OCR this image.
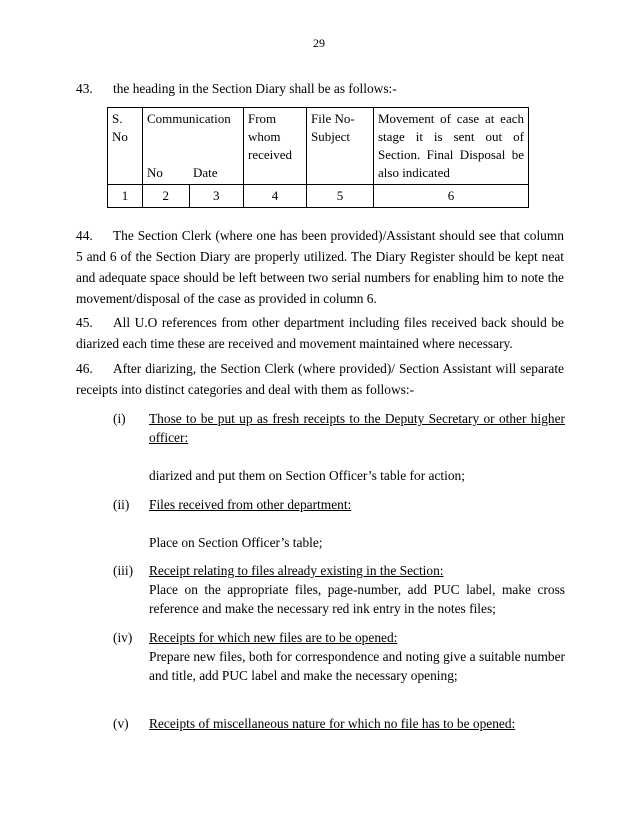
29
43. the heading in the Section Diary shall be as follows:-
S. No	Communication		From whom received	File No-Subject	Movement of case at each stage it is sent out of Section. Final Disposal be also indicated
	No	Date			
1	2	3	4	5	6
44. The Section Clerk (where one has been provided)/Assistant should see that column 5 and 6 of the Section Diary are properly utilized. The Diary Register should be kept neat and adequate space should be left between two serial numbers for enabling him to note the movement/disposal of the case as provided in column 6.
45. All U.O references from other department including files received back should be diarized each time these are received and movement maintained where necessary.
46. After diarizing, the Section Clerk (where provided)/ Section Assistant will separate receipts into distinct categories and deal with them as follows:-
(i)	Those to be put up as fresh receipts to the Deputy Secretary or other higher officer:
diarized and put them on Section Officer’s table for action;
(ii)	Files received from other department:
Place on Section Officer’s table;
(iii)	Receipt relating to files already existing in the Section:
Place on the appropriate files, page-number, add PUC label, make cross reference and make the necessary red ink entry in the notes files;
(iv)	Receipts for which new files are to be opened:
Prepare new files, both for correspondence and noting give a suitable number and title, add PUC label and make the necessary opening;
(v)	Receipts of miscellaneous nature for which no file has to be opened:
